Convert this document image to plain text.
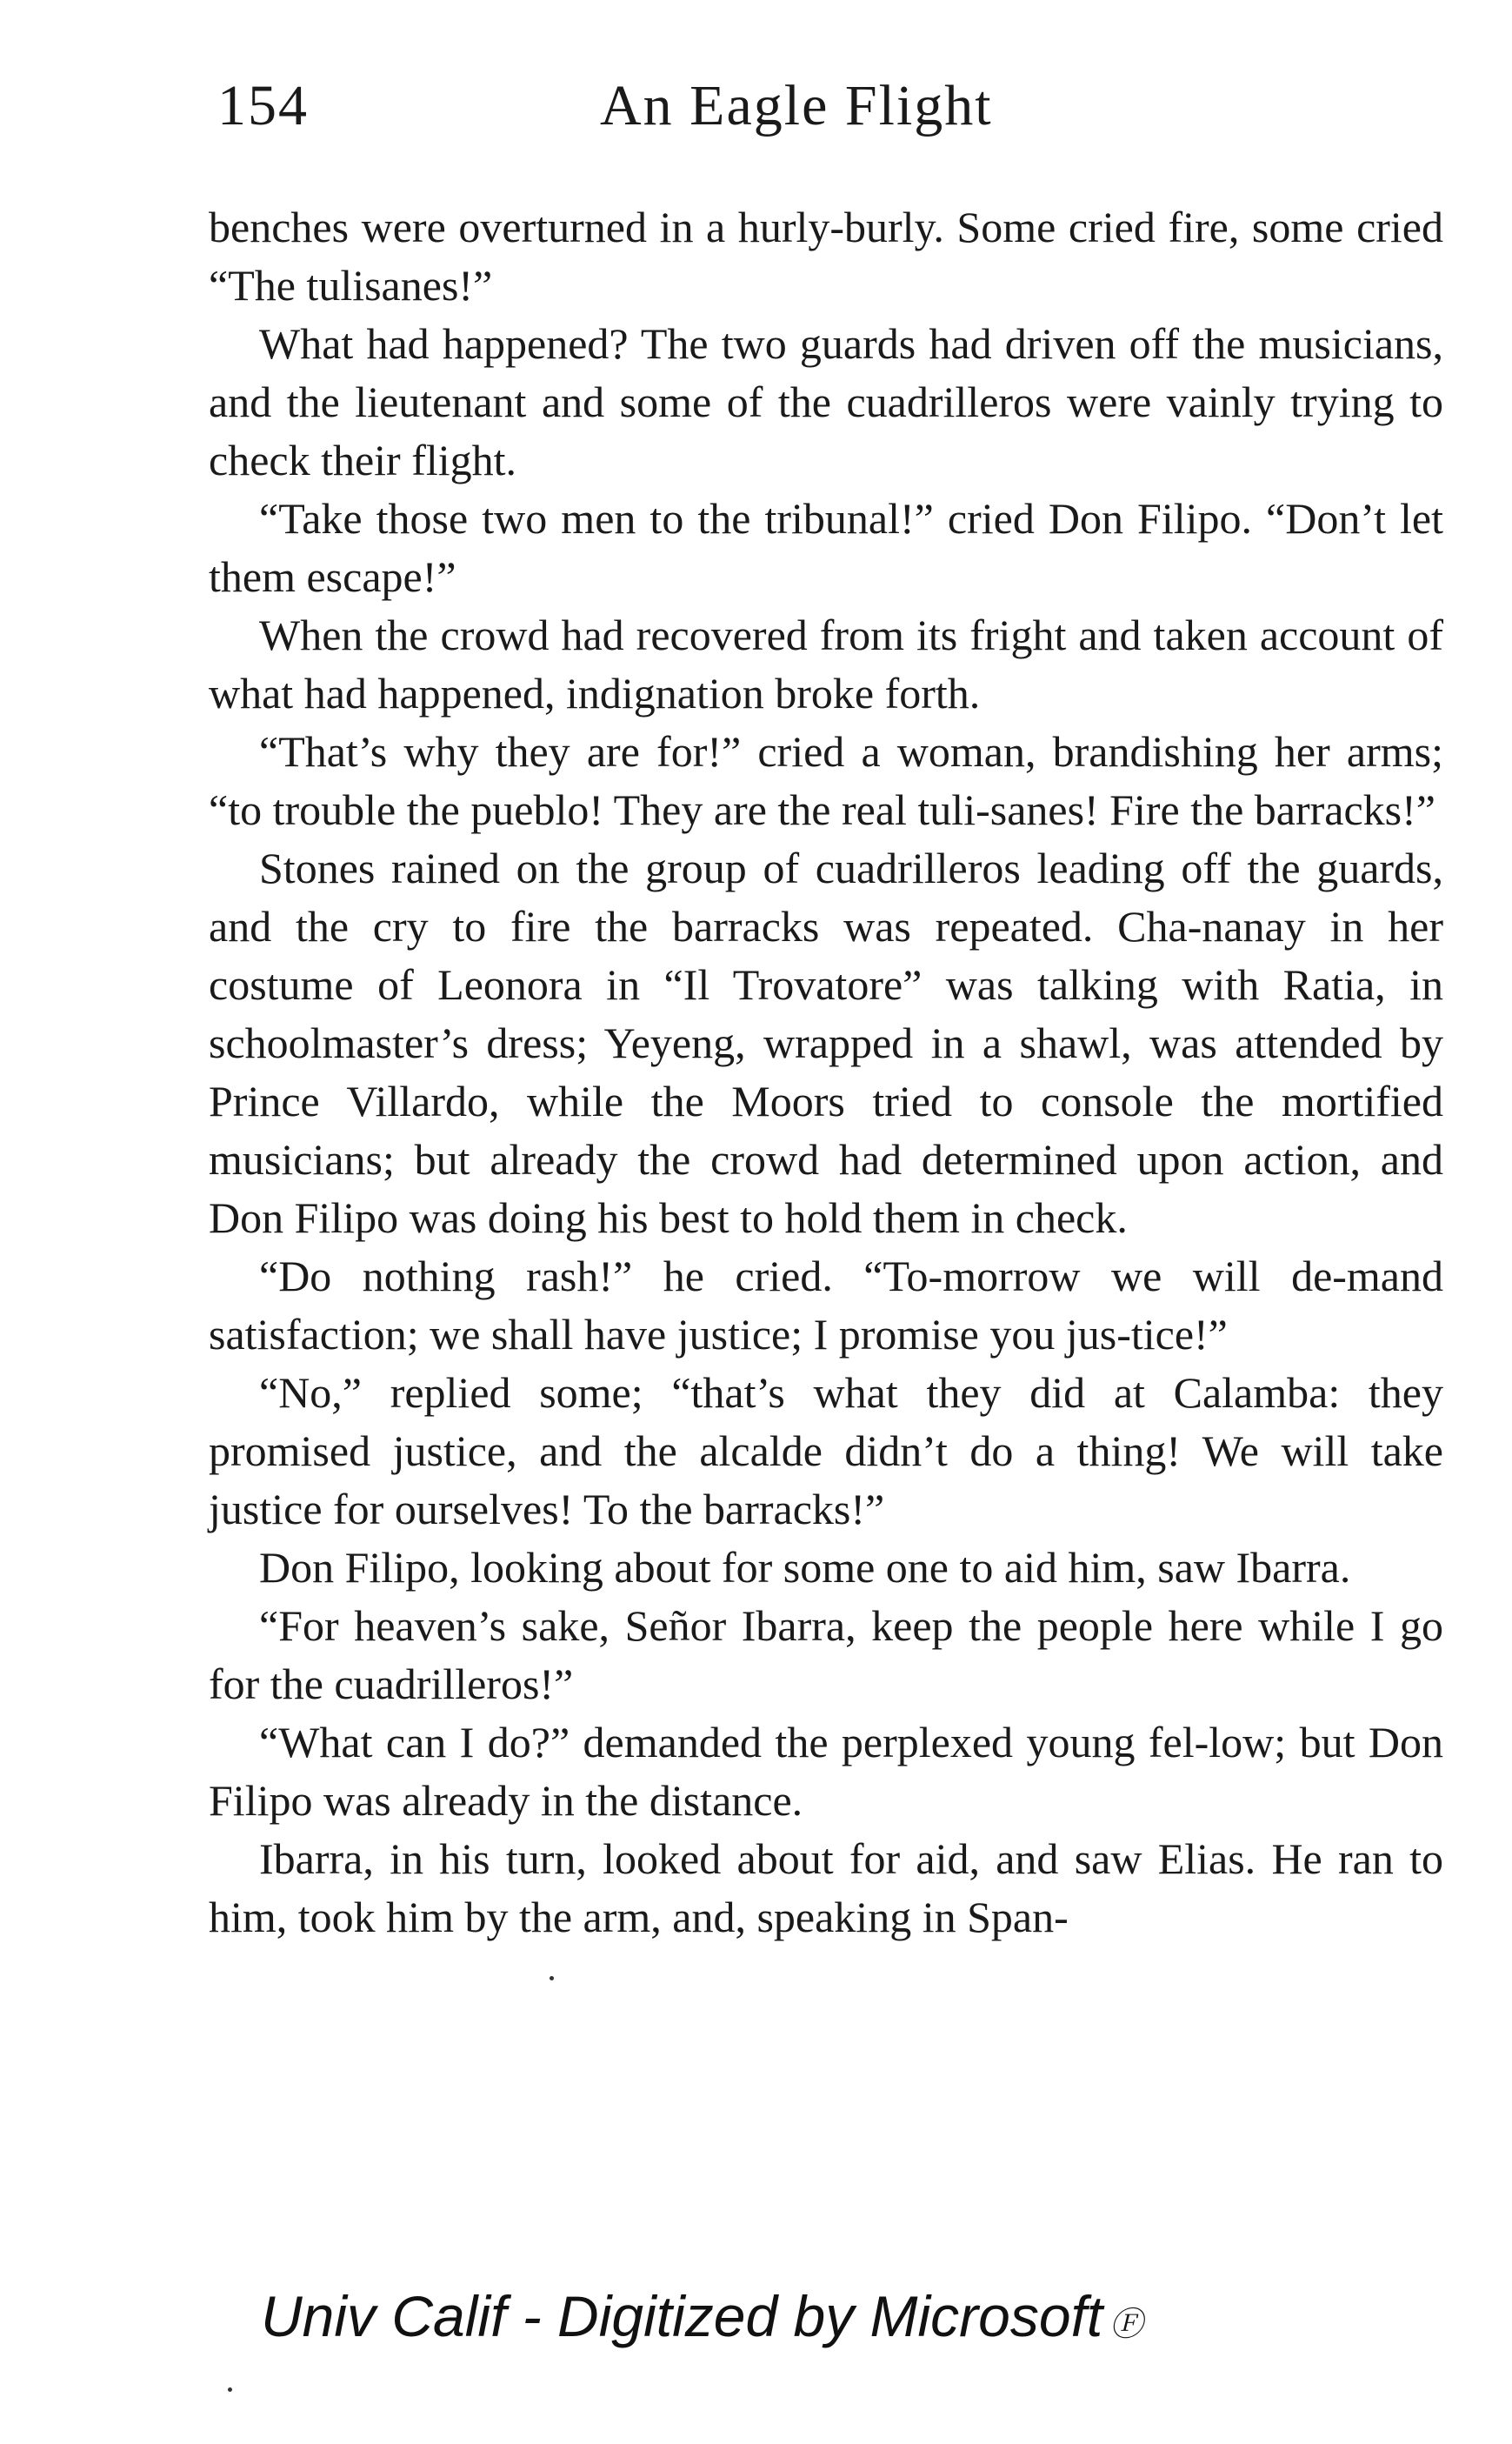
154	An Eagle Flight

benches were overturned in a hurly-burly. Some cried fire, some cried “The tulisanes!”

What had happened? The two guards had driven off the musicians, and the lieutenant and some of the cuadrilleros were vainly trying to check their flight.

“Take those two men to the tribunal!” cried Don Filipo. “Don’t let them escape!”

When the crowd had recovered from its fright and taken account of what had happened, indignation broke forth.

“That’s why they are for!” cried a woman, brandishing her arms; “to trouble the pueblo! They are the real tuli-sanes! Fire the barracks!”

Stones rained on the group of cuadrilleros leading off the guards, and the cry to fire the barracks was repeated. Cha-nanay in her costume of Leonora in “Il Trovatore” was talking with Ratia, in schoolmaster’s dress; Yeyeng, wrapped in a shawl, was attended by Prince Villardo, while the Moors tried to console the mortified musicians; but already the crowd had determined upon action, and Don Filipo was doing his best to hold them in check.

“Do nothing rash!” he cried. “To-morrow we will de-mand satisfaction; we shall have justice; I promise you jus-tice!”

“No,” replied some; “that’s what they did at Calamba: they promised justice, and the alcalde didn’t do a thing! We will take justice for ourselves! To the barracks!”

Don Filipo, looking about for some one to aid him, saw Ibarra.

“For heaven’s sake, Señor Ibarra, keep the people here while I go for the cuadrilleros!”

“What can I do?” demanded the perplexed young fel-low; but Don Filipo was already in the distance.

Ibarra, in his turn, looked about for aid, and saw Elias. He ran to him, took him by the arm, and, speaking in Span-

Univ Calif - Digitized by Microsoft Ⓕ
